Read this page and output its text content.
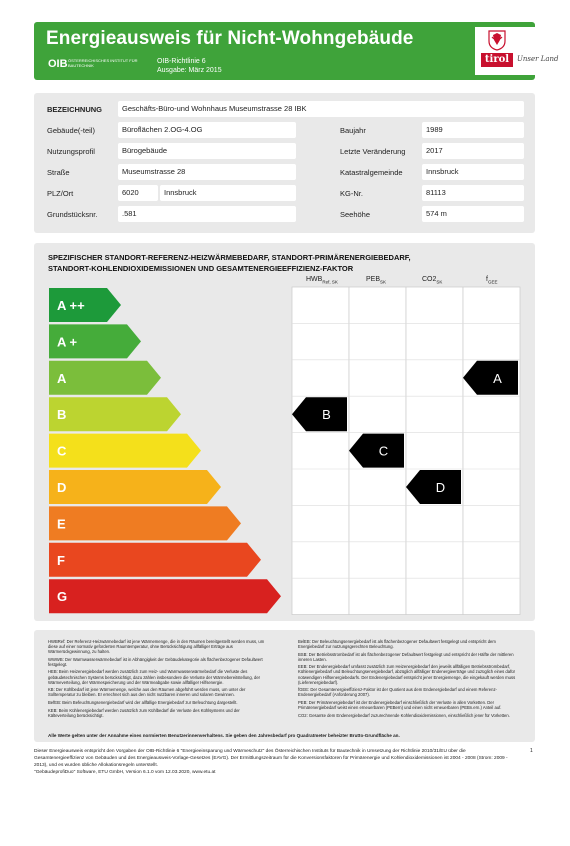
Energieausweis für Nicht-Wohngebäude
OIB ÖSTERREICHISCHES INSTITUT FÜR BAUTECHNIK
OIB-Richtlinie 6
Ausgabe: März 2015
tirol	Unser Land
BEZEICHNUNG	Geschäfts-Büro-und Wohnhaus Museumstrasse 28 IBK
Gebäude(-teil)	Büroflächen 2.OG-4.OG	Baujahr	1989
Nutzungsprofil	Bürogebäude	Letzte Veränderung	2017
Straße	Museumstrasse 28	Katastralgemeinde	Innsbruck
PLZ/Ort	6020	Innsbruck	KG-Nr.	81113
Grundstücksnr.	.581	Seehöhe	574 m
SPEZIFISCHER STANDORT-REFERENZ-HEIZWÄRMEBEDARF, STANDORT-PRIMÄRENERGIEBEDARF,
STANDORT-KOHLENDIOXIDEMISSIONEN UND GESAMTENERGIEEFFIZIENZ-FAKTOR
$HWB_{Ref, SK}$	$PEB_{SK}$	$CO2_{SK}$	$f_{GEE}$
A ++
A +
A
B
C
D
E
F
G
B
C
D
A

HWBRef: Der Referenz-Heizwärmebedarf ist jene Wärmemenge, die in den Räumen bereitgestellt werden muss, um diese auf einer normativ geforderten Raumtemperatur, ohne Berücksichtigung allfälliger Erträge aus Wärmerückgewinnung, zu halten.

WWWB: Der Warmwasserwärmebedarf ist in Abhängigkeit der Gebäudekategorie als flächenbezogener Defaultwert festgelegt.

HEB: Beim Heizenergiebedarf werden zusätzlich zum Heiz- und Warmwasserwärmebedarf die Verluste des gebäudetechnischen Systems berücksichtigt, dazu zählen insbesondere die Verluste der Wärmebereitstellung, der Wärmeverteilung, der Wärmespeicherung und der Wärmeabgabe sowie allfälliger Hilfsenergie.

KB: Der Kühlbedarf ist jene Wärmemenge, welche aus den Räumen abgeführt werden muss, um unter der Solltemperatur zu bleiben. Er errechnet sich aus den nicht nutzbaren inneren und solaren Gewinnen.

BefEB: Beim Befeuchtungsenergiebedarf wird der allfällige Energiebedarf zur Befeuchtung dargestellt.

KEB: Beim Kühlenergiebedarf werden zusätzlich zum Kühlbedarf die Verluste des Kühlsystems und der Kälteverteilung berücksichtigt.

BelEB: Der Beleuchtungsenergiebedarf ist als flächenbezogener Defaultwert festgelegt und entspricht dem Energiebedarf zur nutzungsgerechten Beleuchtung.

BSB: Der Betriebsstrombedarf ist als flächenbezogener Defaultwert festgelegt und entspricht der Hälfte der mittleren inneren Lasten.

EEB: Der Endenergiebedarf umfasst zusätzlich zum Heizenergiebedarf den jeweils allfälligen Betriebsstrombedarf, Kühlenergiebedarf und Beleuchtungsenergiebedarf, abzüglich allfälliger Endenergieerträge und zuzüglich eines dafür notwendigen Hilfsenergiebedarfs. Der Endenergiebedarf entspricht jener Energiemenge, die eingekauft werden muss (Lieferenergiebedarf).

fGEE: Der Gesamtenergieeffizienz-Faktor ist der Quotient aus dem Endenergiebedarf und einem Referenz-Endenergiebedarf (Anforderung 2007).

PEB: Der Primärenergiebedarf ist der Endenergiebedarf einschließlich der Verluste in allen Vorketten. Der Primärenergiebedarf weist einen erneuerbaren (PEBern) und einen nicht erneuerbaren (PEBn.ern.) Anteil auf.

CO2: Gesamte dem Endenergiebedarf zuzurechnende Kohlendioxidemissionen, einschließlich jener für Vorketten.

Alle Werte gelten unter der Annahme eines normierten Benutzerinnenverhaltens. Sie geben den Jahresbedarf pro Quadratmeter beheizter Brutto-Grundfläche an.
Dieser Energieausweis entspricht den Vorgaben der OIB-Richtlinie 6 "Energieeinsparung und Wärmeschutz" des Österreichischen Instituts für Bautechnik in Umsetzung der Richtlinie 2010/31/EU über die Gesamtenergieeffizienz von Gebäuden und des Energieausweis-Vorlage-Gesetzes (EAVG). Der Ermittlungszeitraum für die Konversionsfaktoren für Primärenergie und Kohlendioxidemissionen ist 2004 - 2008 (Strom: 2009 - 2013), und es wurden übliche Allokationsregeln unterstellt.
"GebäudeprofiDuo" Software, ETU GmbH, Version 6.1.0 vom 12.03.2020, www.etu.at
1
